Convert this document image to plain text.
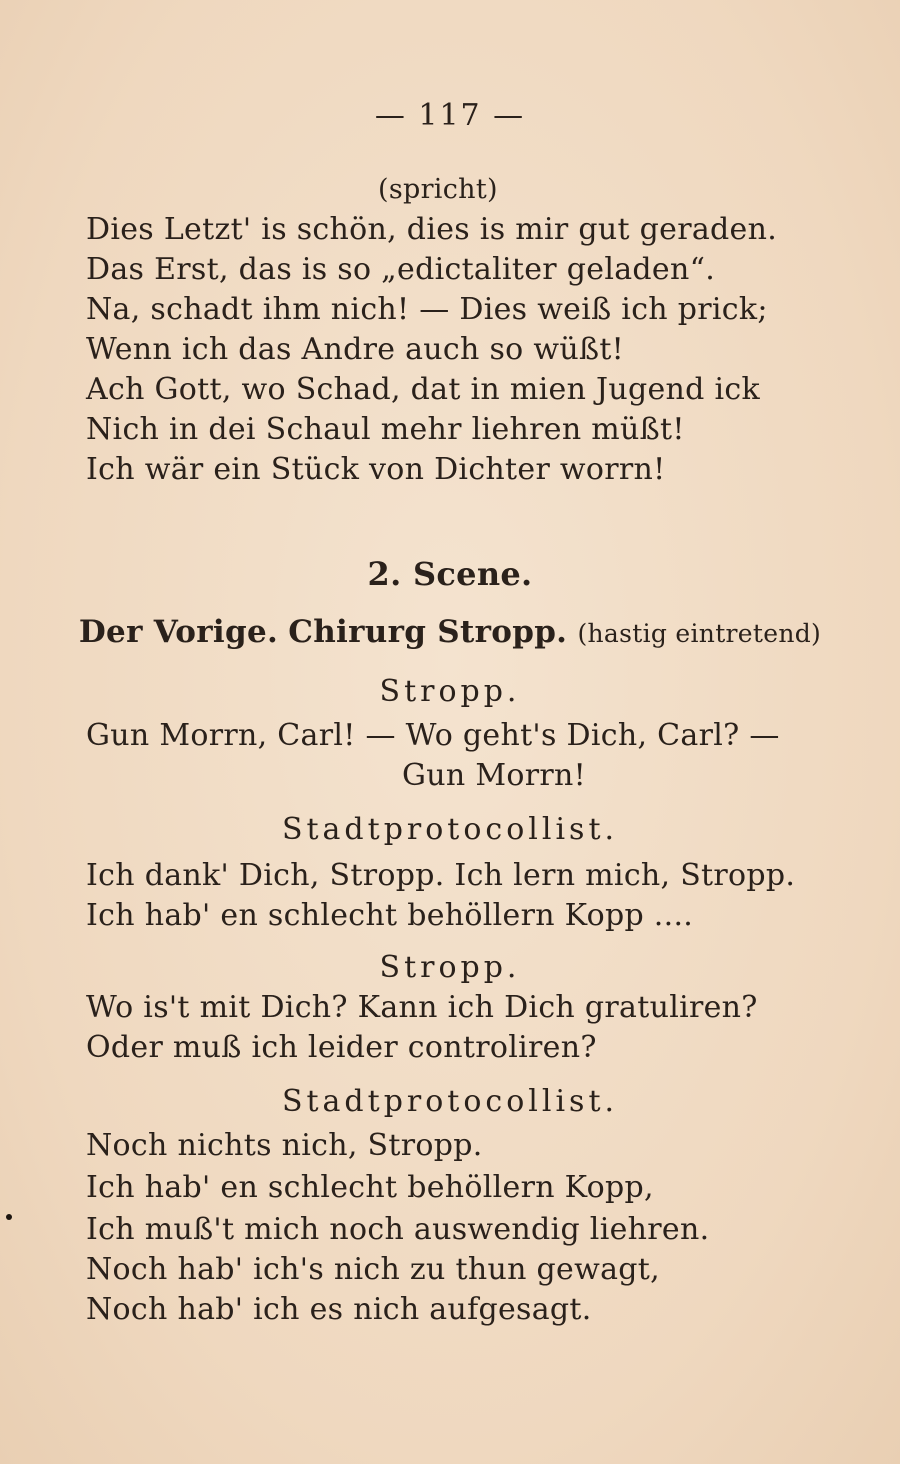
— 117 —
(spricht)
Dies Letzt' is schön, dies is mir gut geraden.
Das Erst, das is so „edictaliter geladen“.
Na, schadt ihm nich! — Dies weiß ich prick;
Wenn ich das Andre auch so wüßt!
Ach Gott, wo Schad, dat in mien Jugend ick
Nich in dei Schaul mehr liehren müßt!
Ich wär ein Stück von Dichter worrn!
2. Scene.
Der Vorige. Chirurg Stropp. (hastig eintretend)
Stropp.
Gun Morrn, Carl! — Wo geht's Dich, Carl? —
Gun Morrn!
Stadtprotocollist.
Ich dank' Dich, Stropp. Ich lern mich, Stropp.
Ich hab' en schlecht behöllern Kopp ....
Stropp.
Wo is't mit Dich? Kann ich Dich gratuliren?
Oder muß ich leider controliren?
Stadtprotocollist.
Noch nichts nich, Stropp.
Ich hab' en schlecht behöllern Kopp,
Ich muß't mich noch auswendig liehren.
Noch hab' ich's nich zu thun gewagt,
Noch hab' ich es nich aufgesagt.
